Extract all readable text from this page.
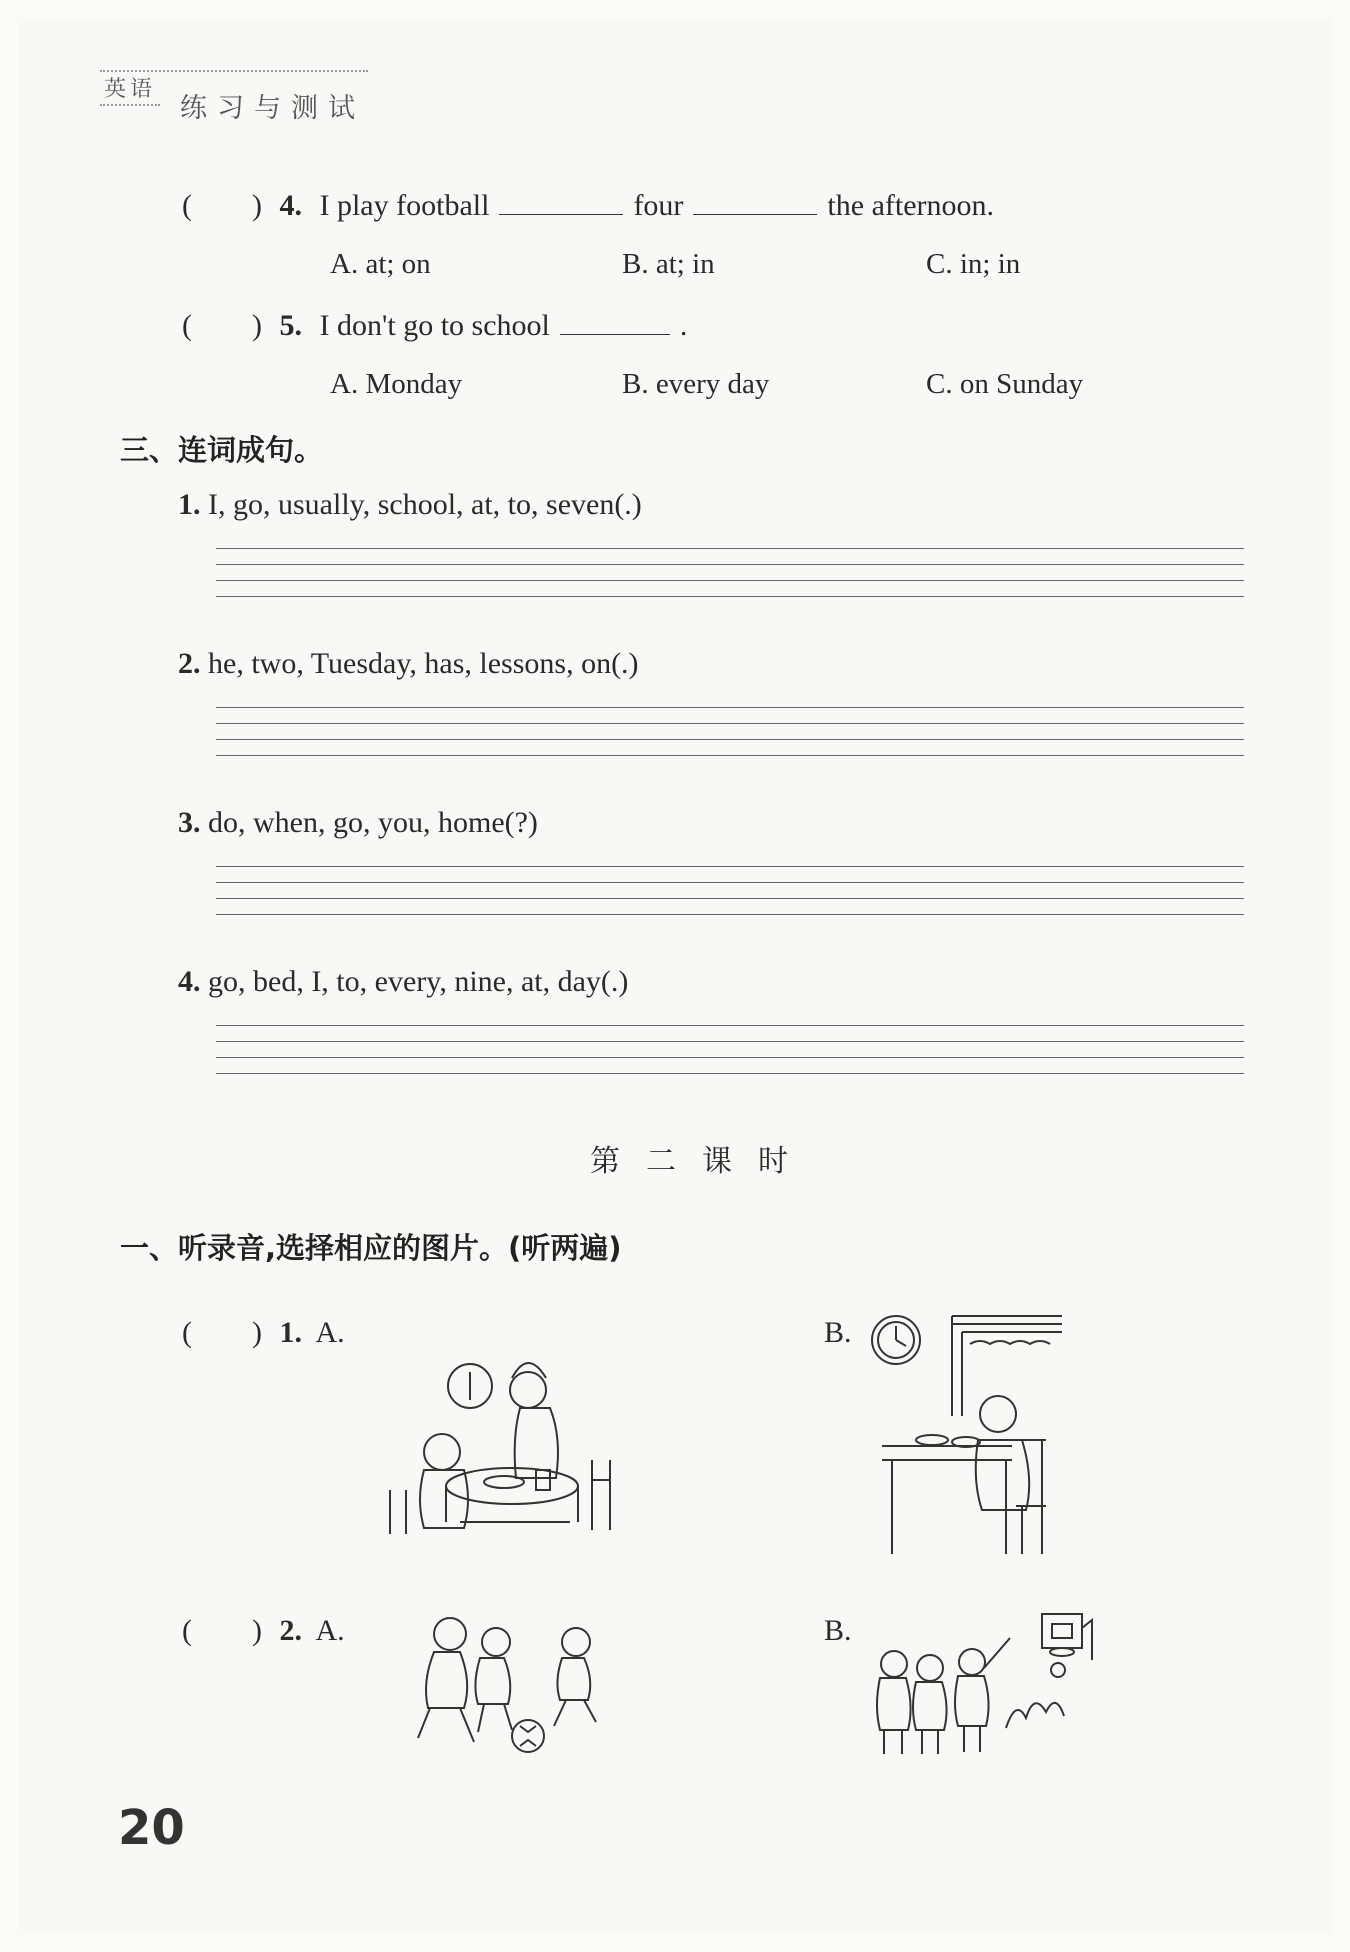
英语
练习与测试
(        ) 4. I play football	four	the afternoon.
A. at; on	B. at; in	C. in; in
(        ) 5. I don't go to school	.
A. Monday	B. every day	C. on Sunday
三、连词成句。
1. I, go, usually, school, at, to, seven(.)
2. he, two, Tuesday, has, lessons, on(.)
3. do, when, go, you, home(?)
4. go, bed, I, to, every, nine, at, day(.)
第二课时
一、听录音,选择相应的图片。(听两遍)
(        ) 1. A.	B.
(        ) 2. A.	B.
20
